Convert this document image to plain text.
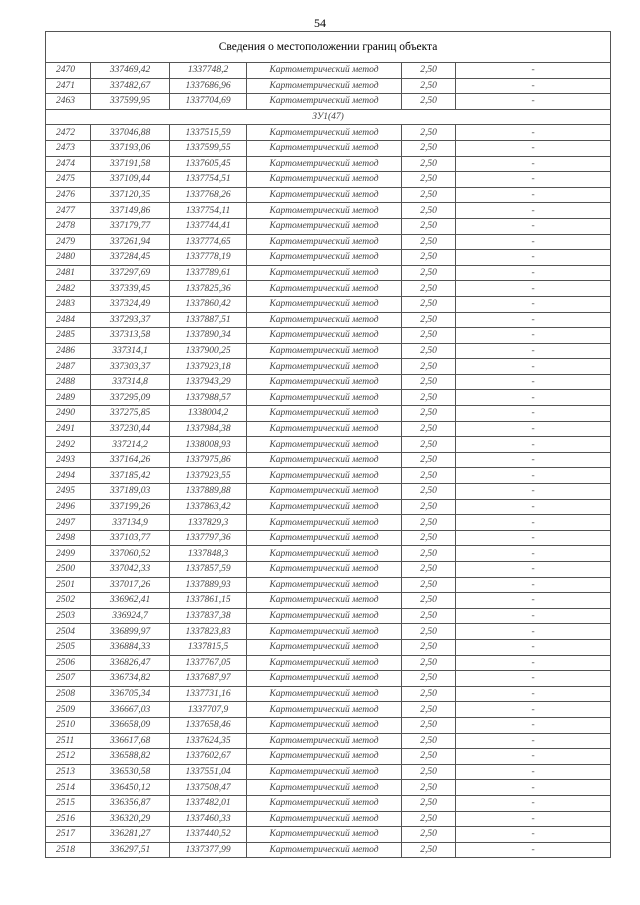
54
Сведения о местоположении границ объекта					
2470	337469,42	1337748,2	Картометрический метод	2,50	-
2471	337482,67	1337686,96	Картометрический метод	2,50	-
2463	337599,95	1337704,69	Картометрический метод	2,50	-
ЗУ1(47)					
2472	337046,88	1337515,59	Картометрический метод	2,50	-
2473	337193,06	1337599,55	Картометрический метод	2,50	-
2474	337191,58	1337605,45	Картометрический метод	2,50	-
2475	337109,44	1337754,51	Картометрический метод	2,50	-
2476	337120,35	1337768,26	Картометрический метод	2,50	-
2477	337149,86	1337754,11	Картометрический метод	2,50	-
2478	337179,77	1337744,41	Картометрический метод	2,50	-
2479	337261,94	1337774,65	Картометрический метод	2,50	-
2480	337284,45	1337778,19	Картометрический метод	2,50	-
2481	337297,69	1337789,61	Картометрический метод	2,50	-
2482	337339,45	1337825,36	Картометрический метод	2,50	-
2483	337324,49	1337860,42	Картометрический метод	2,50	-
2484	337293,37	1337887,51	Картометрический метод	2,50	-
2485	337313,58	1337890,34	Картометрический метод	2,50	-
2486	337314,1	1337900,25	Картометрический метод	2,50	-
2487	337303,37	1337923,18	Картометрический метод	2,50	-
2488	337314,8	1337943,29	Картометрический метод	2,50	-
2489	337295,09	1337988,57	Картометрический метод	2,50	-
2490	337275,85	1338004,2	Картометрический метод	2,50	-
2491	337230,44	1337984,38	Картометрический метод	2,50	-
2492	337214,2	1338008,93	Картометрический метод	2,50	-
2493	337164,26	1337975,86	Картометрический метод	2,50	-
2494	337185,42	1337923,55	Картометрический метод	2,50	-
2495	337189,03	1337889,88	Картометрический метод	2,50	-
2496	337199,26	1337863,42	Картометрический метод	2,50	-
2497	337134,9	1337829,3	Картометрический метод	2,50	-
2498	337103,77	1337797,36	Картометрический метод	2,50	-
2499	337060,52	1337848,3	Картометрический метод	2,50	-
2500	337042,33	1337857,59	Картометрический метод	2,50	-
2501	337017,26	1337889,93	Картометрический метод	2,50	-
2502	336962,41	1337861,15	Картометрический метод	2,50	-
2503	336924,7	1337837,38	Картометрический метод	2,50	-
2504	336899,97	1337823,83	Картометрический метод	2,50	-
2505	336884,33	1337815,5	Картометрический метод	2,50	-
2506	336826,47	1337767,05	Картометрический метод	2,50	-
2507	336734,82	1337687,97	Картометрический метод	2,50	-
2508	336705,34	1337731,16	Картометрический метод	2,50	-
2509	336667,03	1337707,9	Картометрический метод	2,50	-
2510	336658,09	1337658,46	Картометрический метод	2,50	-
2511	336617,68	1337624,35	Картометрический метод	2,50	-
2512	336588,82	1337602,67	Картометрический метод	2,50	-
2513	336530,58	1337551,04	Картометрический метод	2,50	-
2514	336450,12	1337508,47	Картометрический метод	2,50	-
2515	336356,87	1337482,01	Картометрический метод	2,50	-
2516	336320,29	1337460,33	Картометрический метод	2,50	-
2517	336281,27	1337440,52	Картометрический метод	2,50	-
2518	336297,51	1337377,99	Картометрический метод	2,50	-
